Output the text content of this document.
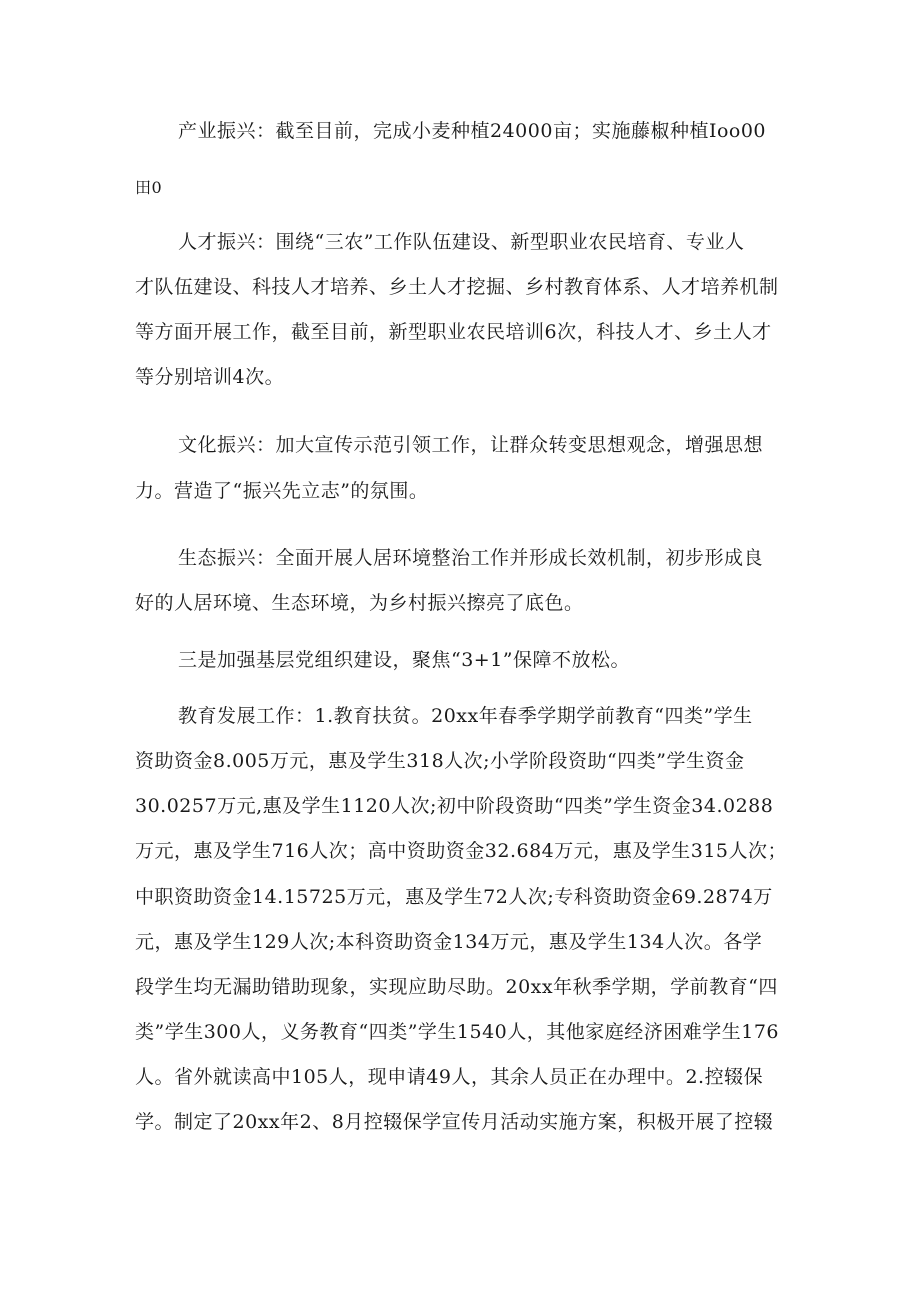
产业振兴：截至目前，完成小麦种植24000亩；实施藤椒种植Ioo00
田0
人才振兴：围绕“三农”工作队伍建设、新型职业农民培育、专业人
才队伍建设、科技人才培养、乡土人才挖掘、乡村教育体系、人才培养机制
等方面开展工作，截至目前，新型职业农民培训6次，科技人才、乡土人才
等分别培训4次。
文化振兴：加大宣传示范引领工作，让群众转变思想观念，增强思想
力。营造了“振兴先立志”的氛围。
生态振兴：全面开展人居环境整治工作并形成长效机制，初步形成良
好的人居环境、生态环境，为乡村振兴擦亮了底色。
三是加强基层党组织建设，聚焦“3+1”保障不放松。
教育发展工作：1.教育扶贫。20xx年春季学期学前教育“四类”学生
资助资金8.005万元，惠及学生318人次;小学阶段资助“四类”学生资金
30.0257万元,惠及学生1120人次;初中阶段资助“四类”学生资金34.0288
万元，惠及学生716人次；高中资助资金32.684万元，惠及学生315人次；
中职资助资金14.15725万元，惠及学生72人次;专科资助资金69.2874万
元，惠及学生129人次;本科资助资金134万元，惠及学生134人次。各学
段学生均无漏助错助现象，实现应助尽助。20xx年秋季学期，学前教育“四
类”学生300人，义务教育“四类”学生1540人，其他家庭经济困难学生176
人。省外就读高中105人，现申请49人，其余人员正在办理中。2.控辍保
学。制定了20xx年2、8月控辍保学宣传月活动实施方案，积极开展了控辍
